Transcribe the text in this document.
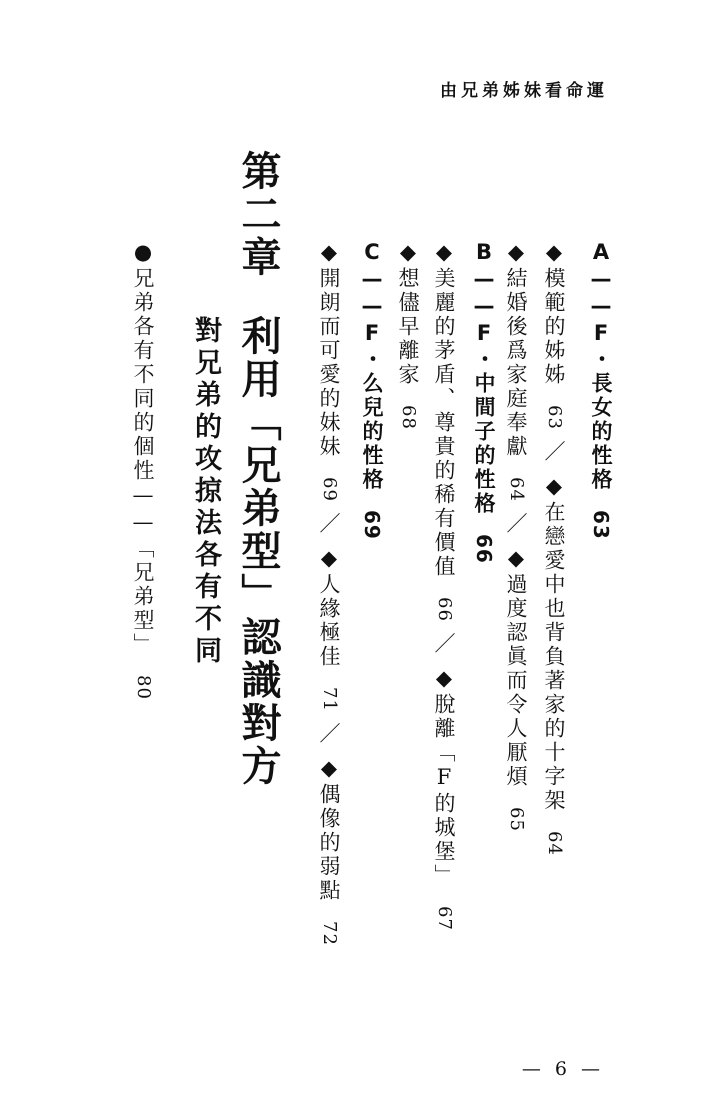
由兄弟姊妹看命運
第二章利用「兄弟型」認識對方
對兄弟的攻掠法各有不同	A——F・長女的性格63
◆模範的姊姊63／◆在戀愛中也背負著家的十字架64
◆結婚後爲家庭奉獻64／◆過度認眞而令人厭煩65
B——F・中間子的性格66
◆美麗的茅盾、尊貴的稀有價值66／◆脫離「F的城堡」67
◆想儘早離家68
C——F・么兒的性格69
◆開朗而可愛的妹妹69／◆人緣極佳71／◆偶像的弱點72
●兄弟各有不同的個性——「兄弟型」80
— 6 —
